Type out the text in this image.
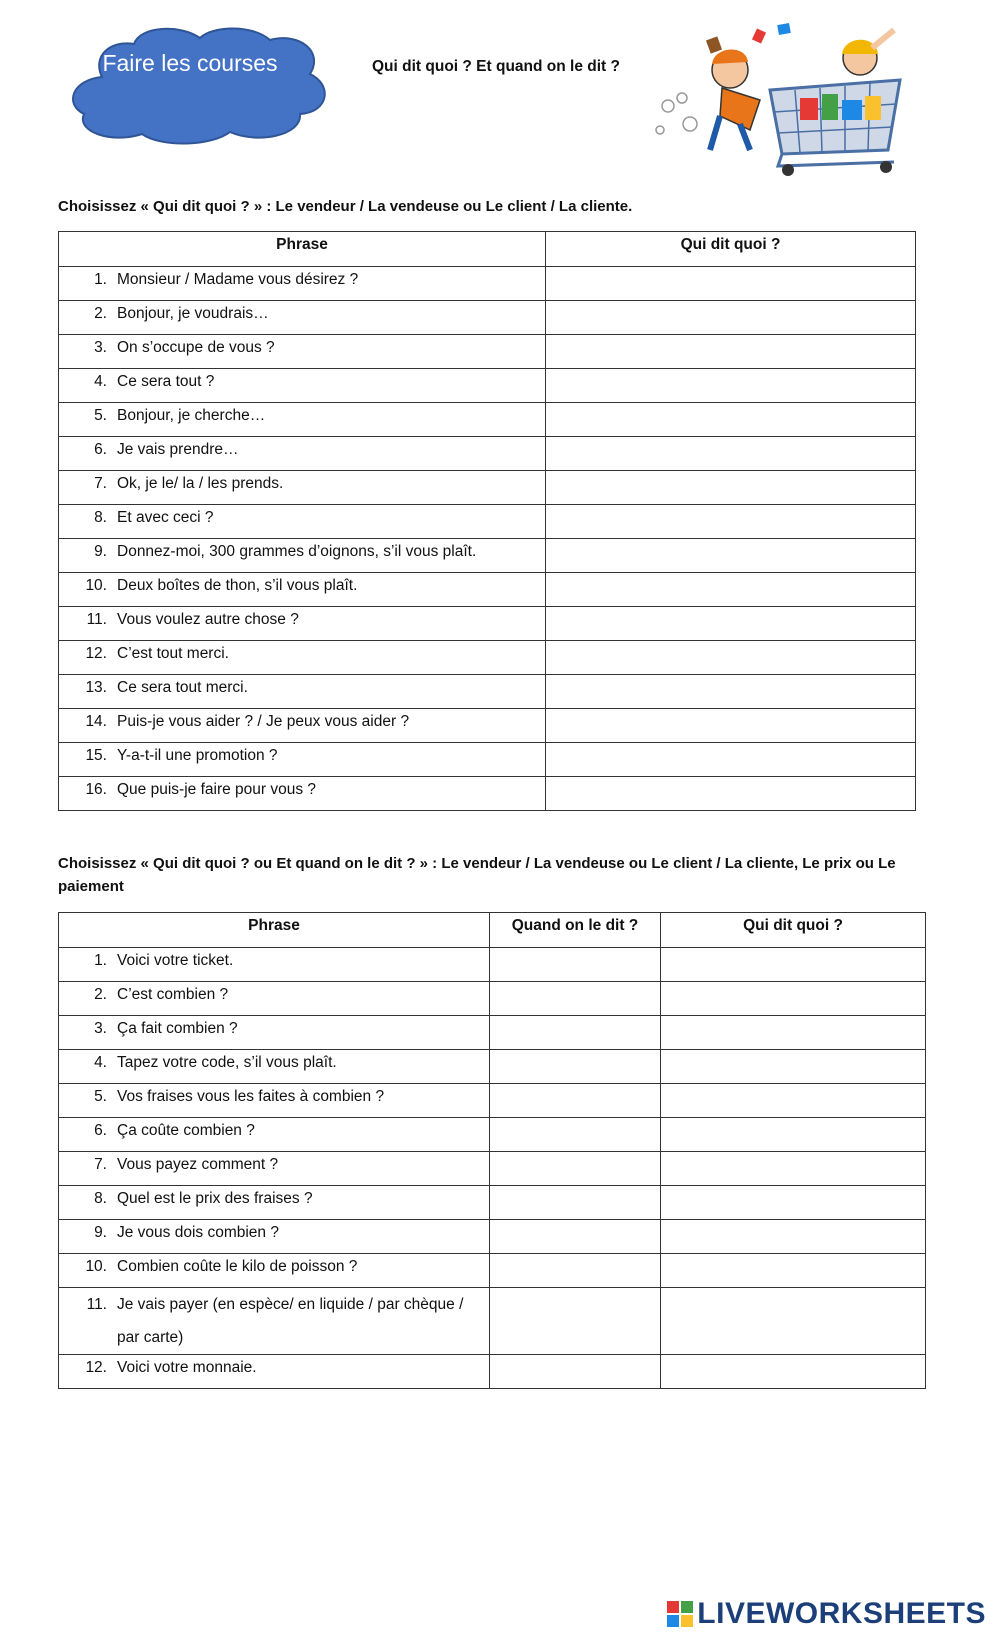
Faire les courses	Qui dit quoi ? Et quand on le dit ?
Choisissez « Qui dit quoi ? » : Le vendeur / La vendeuse ou Le client / La cliente.
Phrase	Qui dit quoi ?

1. Monsieur / Madame vous désirez ?	

2. Bonjour, je voudrais…	

3. On s’occupe de vous ?	

4. Ce sera tout ?	

5. Bonjour, je cherche…	

6. Je vais prendre…	

7. Ok, je le/ la / les prends.	

8. Et avec ceci ?	

9. Donnez-moi, 300 grammes d’oignons, s’il vous plaît.	

10. Deux boîtes de thon, s’il vous plaît.	

11. Vous voulez autre chose ?	

12. C’est tout merci.	

13. Ce sera tout merci.	

14. Puis-je vous aider ? / Je peux vous aider ?	

15. Y-a-t-il une promotion ?	

16. Que puis-je faire pour vous ?	

Choisissez « Qui dit quoi ? ou Et quand on le dit ? » : Le vendeur / La vendeuse ou Le client / La cliente, Le prix ou Le paiement
Phrase	Quand on le dit ?	Qui dit quoi ?

1. Voici votre ticket.		

2. C’est combien ?		

3. Ça fait combien ?		

4. Tapez votre code, s’il vous plaît.		

5. Vos fraises vous les faites à combien ?		

6. Ça coûte combien ?		

7. Vous payez comment ?		

8. Quel est le prix des fraises ?		

9. Je vous dois combien ?		

10. Combien coûte le kilo de poisson ?		

11. Je vais payer (en espèce/ en liquide / par chèque / par carte)		

12. Voici votre monnaie.		

LIVEWORKSHEETS
